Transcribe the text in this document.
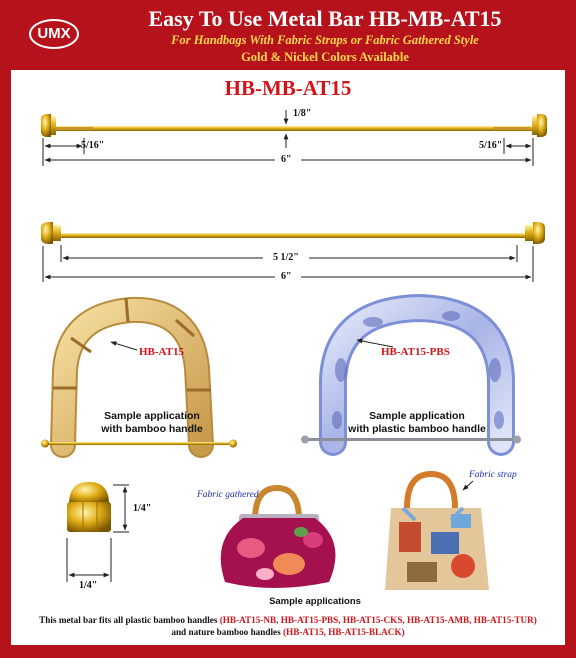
UMX
Easy To Use Metal Bar HB-MB-AT15
For Handbags With Fabric Straps or Fabric Gathered Style
Gold & Nickel Colors Available
HB-MB-AT15
1/8"
5/16"	5/16"
6"
5 1/2"
6"
HB-AT15	HB-AT15-PBS
Sample application
with bamboo handle
Sample application
with plastic bamboo handle
1/4"
1/4"
Fabric gathered
Fabric strap
Sample applications
This metal bar fits all plastic bamboo handles (HB-AT15-NB, HB-AT15-PBS, HB-AT15-CKS, HB-AT15-AMB, HB-AT15-TUR)
and nature bamboo handles (HB-AT15, HB-AT15-BLACK)
